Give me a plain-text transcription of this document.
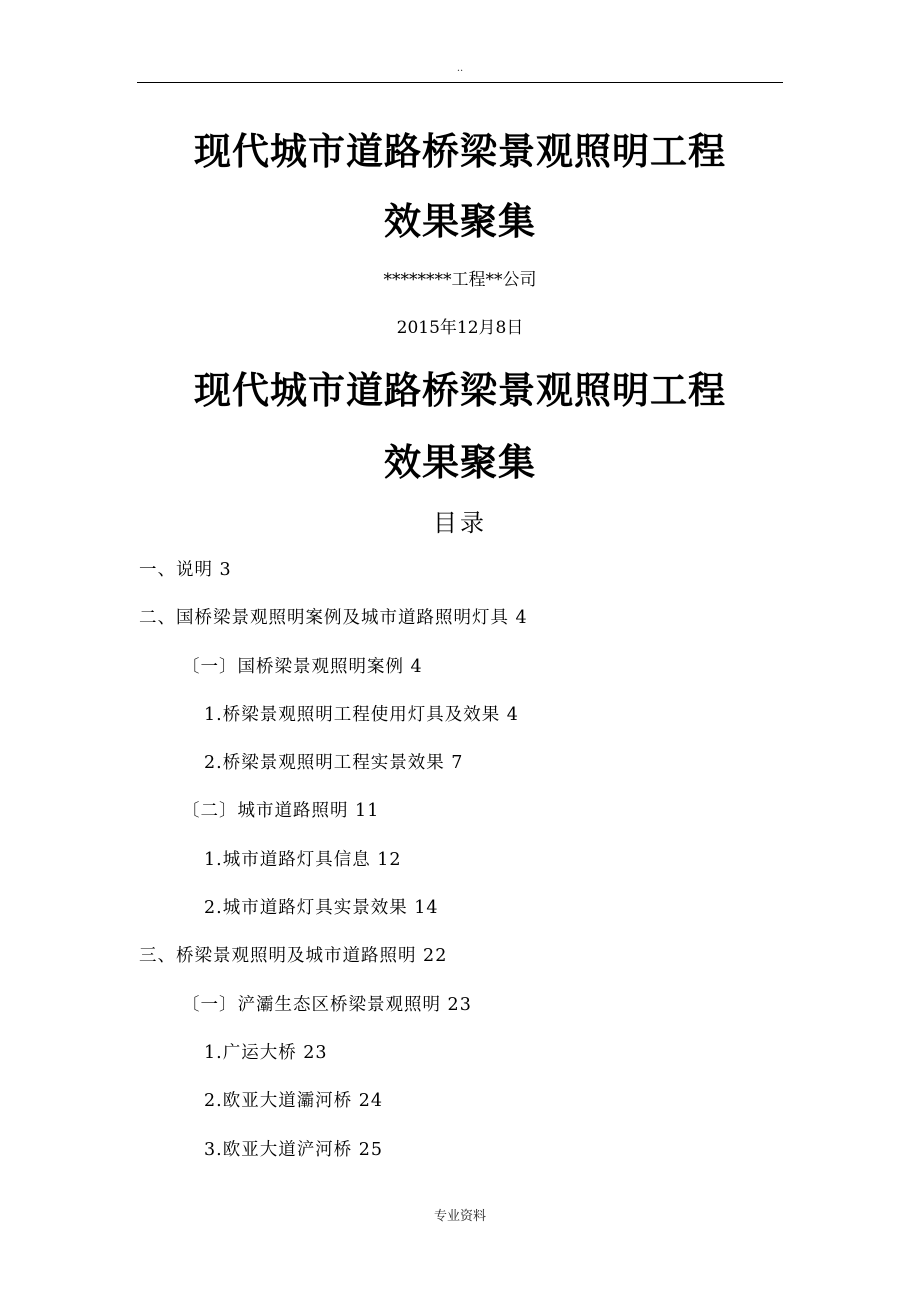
..
现代城市道路桥梁景观照明工程
效果聚集
********工程**公司
2015年12月8日
现代城市道路桥梁景观照明工程
效果聚集
目录
一、说明 3
二、国桥梁景观照明案例及城市道路照明灯具 4
〔一〕国桥梁景观照明案例 4
1.桥梁景观照明工程使用灯具及效果 4
2.桥梁景观照明工程实景效果 7
〔二〕城市道路照明 11
1.城市道路灯具信息 12
2.城市道路灯具实景效果 14
三、桥梁景观照明及城市道路照明 22
〔一〕浐灞生态区桥梁景观照明 23
1.广运大桥 23
2.欧亚大道灞河桥 24
3.欧亚大道浐河桥 25
专业资料
